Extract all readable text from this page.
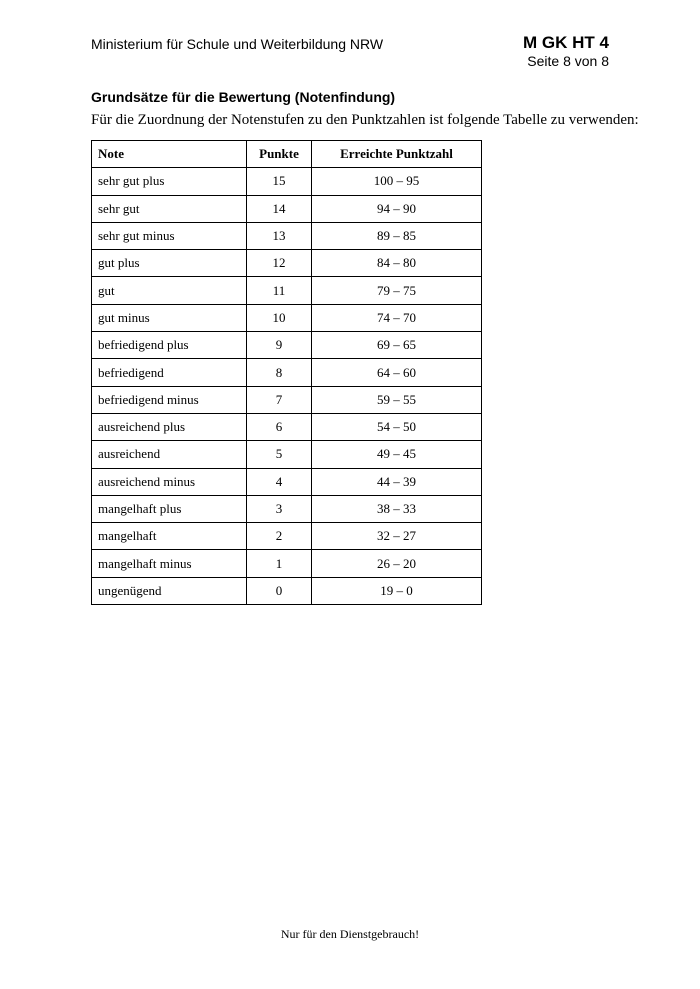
Ministerium für Schule und Weiterbildung NRW	M GK HT 4
Seite 8 von 8
Grundsätze für die Bewertung (Notenfindung)
Für die Zuordnung der Notenstufen zu den Punktzahlen ist folgende Tabelle zu verwenden:
Note	Punkte	Erreichte Punktzahl
sehr gut plus	15	100 – 95
sehr gut	14	94 – 90
sehr gut minus	13	89 – 85
gut plus	12	84 – 80
gut	11	79 – 75
gut minus	10	74 – 70
befriedigend plus	9	69 – 65
befriedigend	8	64 – 60
befriedigend minus	7	59 – 55
ausreichend plus	6	54 – 50
ausreichend	5	49 – 45
ausreichend minus	4	44 – 39
mangelhaft plus	3	38 – 33
mangelhaft	2	32 – 27
mangelhaft minus	1	26 – 20
ungenügend	0	19 – 0
Nur für den Dienstgebrauch!
